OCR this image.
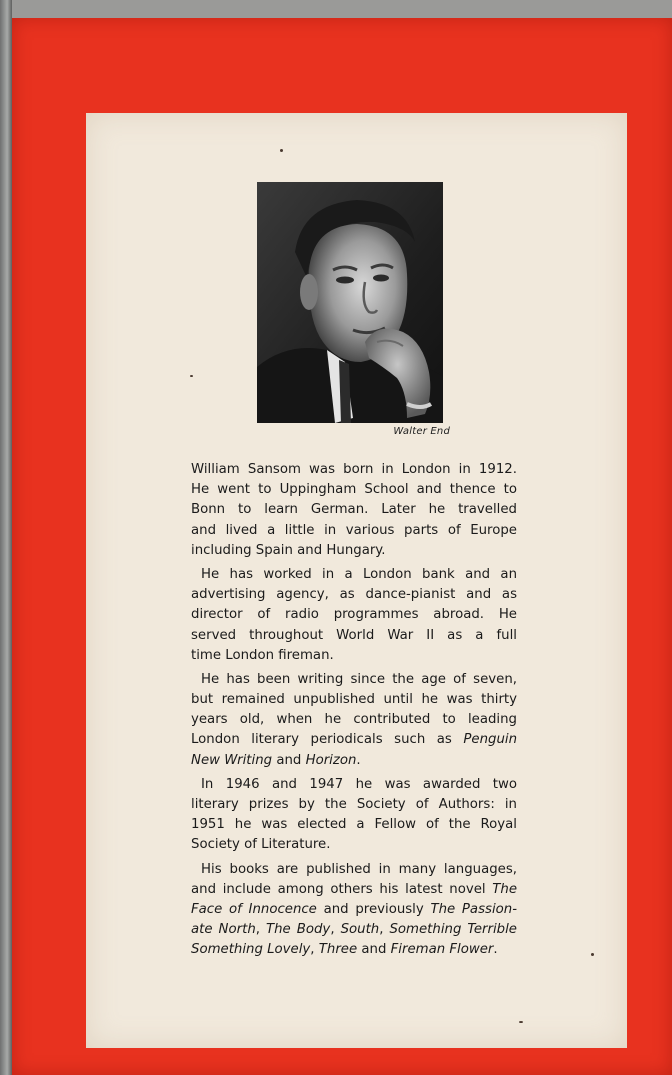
Walter End
William Sansom was born in London in 1912.
He went to Uppingham School and thence to
Bonn to learn German. Later he travelled
and lived a little in various parts of Europe
including Spain and Hungary.
He has worked in a London bank and an
advertising agency, as dance-pianist and as
director of radio programmes abroad. He
served throughout World War II as a full
time London fireman.
He has been writing since the age of seven,
but remained unpublished until he was thirty
years old, when he contributed to leading
London literary periodicals such as Penguin
New Writing and Horizon.
In 1946 and 1947 he was awarded two
literary prizes by the Society of Authors: in
1951 he was elected a Fellow of the Royal
Society of Literature.
His books are published in many languages,
and include among others his latest novel The
Face of Innocence and previously The Passion-
ate North, The Body, South, Something Terrible
Something Lovely, Three and Fireman Flower.
